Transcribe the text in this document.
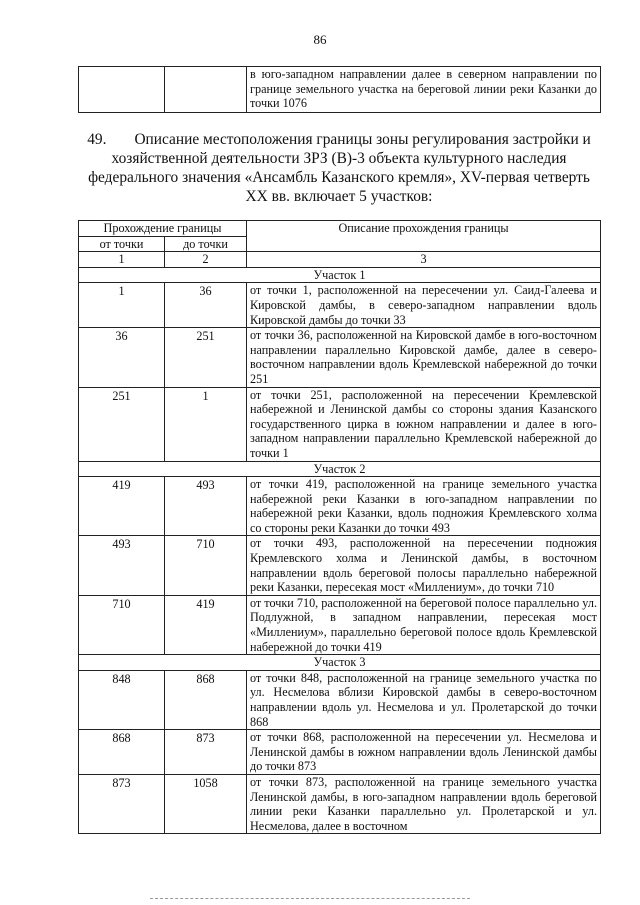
86
		в юго-западном направлении далее в северном направлении по границе земельного участка на береговой линии реки Казанки до точки 1076
49. Описание местоположения границы зоны регулирования застройки и хозяйственной деятельности ЗРЗ (В)-3 объекта культурного наследия федерального значения «Ансамбль Казанского кремля», XV-первая четверть XX вв. включает 5 участков:
Прохождение границы		Описание прохождения границы
от точки	до точки	
1	2	3
Участок 1		
1	36	от точки 1, расположенной на пересечении ул. Саид-Галеева и Кировской дамбы, в северо-западном направлении вдоль Кировской дамбы до точки 33
36	251	от точки 36, расположенной на Кировской дамбе в юго-восточном направлении параллельно Кировской дамбе, далее в северо-восточном направлении вдоль Кремлевской набережной до точки 251
251	1	от точки 251, расположенной на пересечении Кремлевской набережной и Ленинской дамбы со стороны здания Казанского государственного цирка в южном направлении и далее в юго-западном направлении параллельно Кремлевской набережной до точки 1
Участок 2		
419	493	от точки 419, расположенной на границе земельного участка набережной реки Казанки в юго-западном направлении по набережной реки Казанки, вдоль подножия Кремлевского холма со стороны реки Казанки до точки 493
493	710	от точки 493, расположенной на пересечении подножия Кремлевского холма и Ленинской дамбы, в восточном направлении вдоль береговой полосы параллельно набережной реки Казанки, пересекая мост «Миллениум», до точки 710
710	419	от точки 710, расположенной на береговой полосе параллельно ул. Подлужной, в западном направлении, пересекая мост «Миллениум», параллельно береговой полосе вдоль Кремлевской набережной до точки 419
Участок 3		
848	868	от точки 848, расположенной на границе земельного участка по ул. Несмелова вблизи Кировской дамбы в северо-восточном направлении вдоль ул. Несмелова и ул. Пролетарской до точки 868
868	873	от точки 868, расположенной на пересечении ул. Несмелова и Ленинской дамбы в южном направлении вдоль Ленинской дамбы до точки 873
873	1058	от точки 873, расположенной на границе земельного участка Ленинской дамбы, в юго-западном направлении вдоль береговой линии реки Казанки параллельно ул. Пролетарской и ул. Несмелова, далее в восточном
